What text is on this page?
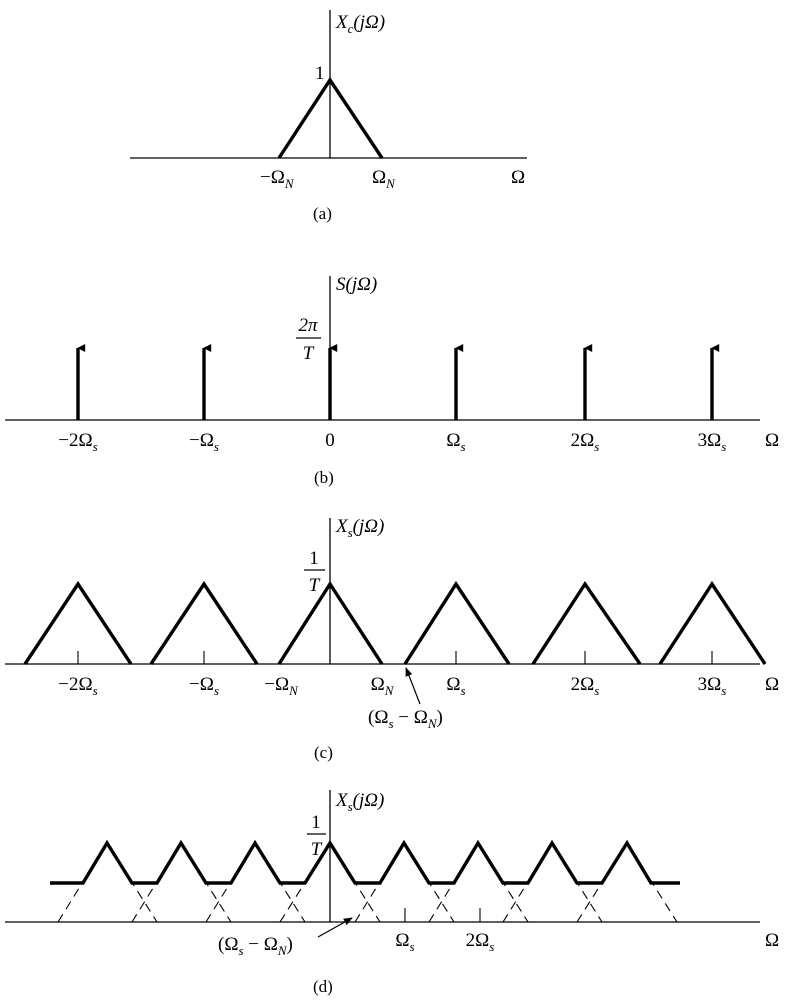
$X_c(j\Omega)$
1
$-\Omega_N$	$\Omega_N$	Ω
(a)
S(jΩ)
2π
T
$-2\Omega_s$	$-\Omega_s$	0	$\Omega_s$	$2\Omega_s$	$3\Omega_s$ Ω
(b)
$X_s(j\Omega)$
1
T
$-2\Omega_s$	$-\Omega_s -\Omega_N$	$\Omega_N$	$\Omega_s$	$2\Omega_s$	$3\Omega_s$ Ω
$(\Omega_s - \Omega_N)$
(c)
$X_s(j\Omega)$
1
T
$\Omega_s$	$2\Omega_s$	Ω
$(\Omega_s - \Omega_N)$
(d)
